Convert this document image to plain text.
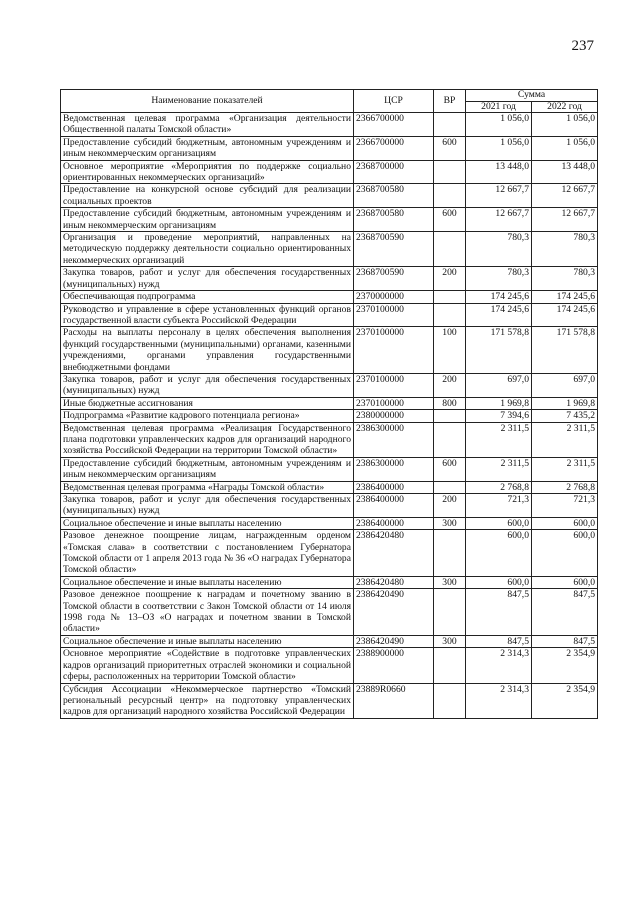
237
Наименование показателей	ЦСР	ВР	Сумма	
			2021 год	2022 год
Ведомственная целевая программа «Организация деятельности Общественной палаты Томской области»	2366700000		1 056,0	1 056,0
Предоставление субсидий бюджетным, автономным учреждениям и иным некоммерческим организациям	2366700000	600	1 056,0	1 056,0
Основное мероприятие «Мероприятия по поддержке социально ориентированных некоммерческих организаций»	2368700000		13 448,0	13 448,0
Предоставление на конкурсной основе субсидий для реализации социальных проектов	2368700580		12 667,7	12 667,7
Предоставление субсидий бюджетным, автономным учреждениям и иным некоммерческим организациям	2368700580	600	12 667,7	12 667,7
Организация и проведение мероприятий, направленных на методическую поддержку деятельности социально ориентированных некоммерческих организаций	2368700590		780,3	780,3
Закупка товаров, работ и услуг для обеспечения государственных (муниципальных) нужд	2368700590	200	780,3	780,3
Обеспечивающая подпрограмма	2370000000		174 245,6	174 245,6
Руководство и управление в сфере установленных функций органов государственной власти субъекта Российской Федерации	2370100000		174 245,6	174 245,6
Расходы на выплаты персоналу в целях обеспечения выполнения функций государственными (муниципальными) органами, казенными учреждениями, органами управления государственными внебюджетными фондами	2370100000	100	171 578,8	171 578,8
Закупка товаров, работ и услуг для обеспечения государственных (муниципальных) нужд	2370100000	200	697,0	697,0
Иные бюджетные ассигнования	2370100000	800	1 969,8	1 969,8
Подпрограмма «Развитие кадрового потенциала региона»	2380000000		7 394,6	7 435,2
Ведомственная целевая программа «Реализация Государственного плана подготовки управленческих кадров для организаций народного хозяйства Российской Федерации на территории Томской области»	2386300000		2 311,5	2 311,5
Предоставление субсидий бюджетным, автономным учреждениям и иным некоммерческим организациям	2386300000	600	2 311,5	2 311,5
Ведомственная целевая программа «Награды Томской области»	2386400000		2 768,8	2 768,8
Закупка товаров, работ и услуг для обеспечения государственных (муниципальных) нужд	2386400000	200	721,3	721,3
Социальное обеспечение и иные выплаты населению	2386400000	300	600,0	600,0
Разовое денежное поощрение лицам, награжденным орденом «Томская слава» в соответствии с постановлением Губернатора Томской области от 1 апреля 2013 года № 36 «О наградах Губернатора Томской области»	2386420480		600,0	600,0
Социальное обеспечение и иные выплаты населению	2386420480	300	600,0	600,0
Разовое денежное поощрение к наградам и почетному званию в Томской области в соответствии с Закон Томской области от 14 июля 1998 года № 13–ОЗ «О наградах и почетном звании в Томской области»	2386420490		847,5	847,5
Социальное обеспечение и иные выплаты населению	2386420490	300	847,5	847,5
Основное мероприятие «Содействие в подготовке управленческих кадров организаций приоритетных отраслей экономики и социальной сферы, расположенных на территории Томской области»	2388900000		2 314,3	2 354,9
Субсидия Ассоциации «Некоммерческое партнерство «Томский региональный ресурсный центр» на подготовку управленческих кадров для организаций народного хозяйства Российской Федерации	23889R0660		2 314,3	2 354,9
